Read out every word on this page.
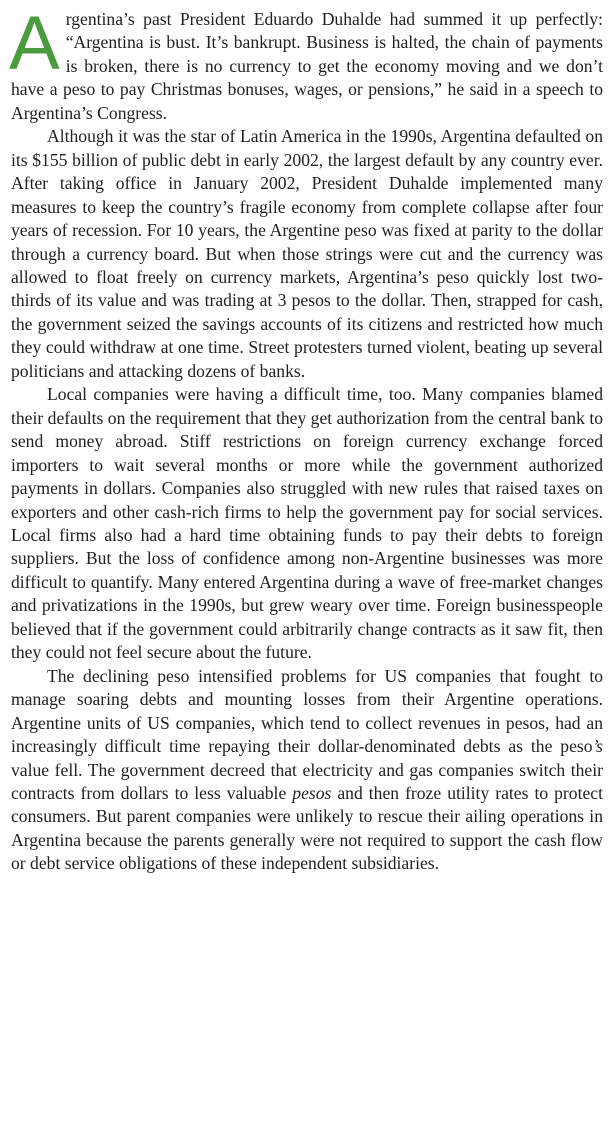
Argentina’s past President Eduardo Duhalde had summed it up perfectly: “Argentina is bust. It’s bankrupt. Business is halted, the chain of payments is broken, there is no currency to get the economy moving and we don’t have a peso to pay Christmas bonuses, wages, or pensions,” he said in a speech to Argentina’s Congress.

Although it was the star of Latin America in the 1990s, Argentina defaulted on its $155 billion of public debt in early 2002, the largest default by any country ever. After taking office in January 2002, President Duhalde implemented many measures to keep the country’s fragile economy from complete collapse after four years of recession. For 10 years, the Argentine peso was fixed at parity to the dollar through a currency board. But when those strings were cut and the currency was allowed to float freely on currency markets, Argentina’s peso quickly lost two-thirds of its value and was trading at 3 pesos to the dollar. Then, strapped for cash, the government seized the savings accounts of its citizens and restricted how much they could withdraw at one time. Street protesters turned violent, beating up several politicians and attacking dozens of banks.

Local companies were having a difficult time, too. Many companies blamed their defaults on the requirement that they get authorization from the central bank to send money abroad. Stiff restrictions on foreign currency exchange forced importers to wait several months or more while the government authorized payments in dollars. Companies also struggled with new rules that raised taxes on exporters and other cash-rich firms to help the government pay for social services. Local firms also had a hard time obtaining funds to pay their debts to foreign suppliers. But the loss of confidence among non-Argentine businesses was more difficult to quantify. Many entered Argentina during a wave of free-market changes and privatizations in the 1990s, but grew weary over time. Foreign businesspeople believed that if the government could arbitrarily change contracts as it saw fit, then they could not feel secure about the future.

The declining peso intensified problems for US companies that fought to manage soaring debts and mounting losses from their Argentine operations. Argentine units of US companies, which tend to collect revenues in pesos, had an increasingly difficult time repaying their dollar-denominated debts as the peso’s value fell. The government decreed that electricity and gas companies switch their contracts from dollars to less valuable pesos and then froze utility rates to protect consumers. But parent companies were unlikely to rescue their ailing operations in Argentina because the parents generally were not required to support the cash flow or debt service obligations of these independent subsidiaries.
